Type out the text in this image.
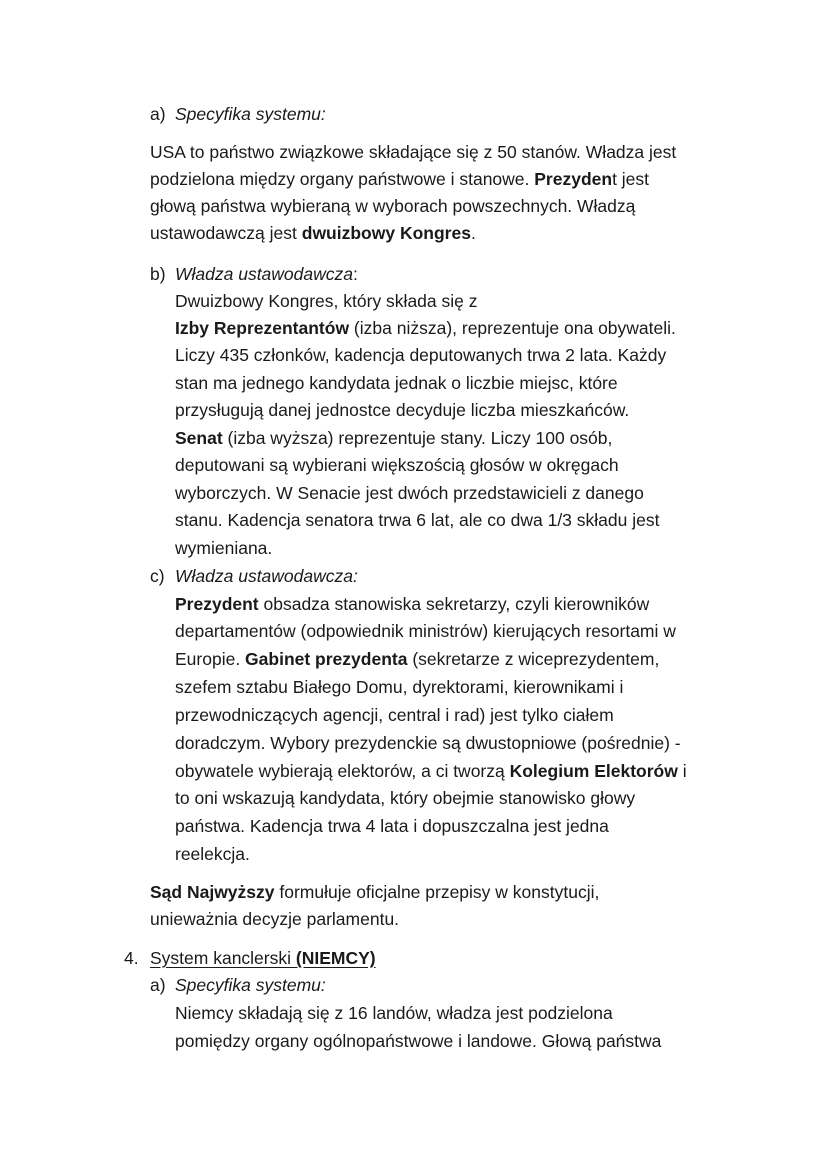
a) Specyfika systemu:
USA to państwo związkowe składające się z 50 stanów. Władza jest
podzielona między organy państwowe i stanowe. Prezydent jest
głową państwa wybieraną w wyborach powszechnych. Władzą
ustawodawczą jest dwuizbowy Kongres.
b) Władza ustawodawcza:
Dwuizbowy Kongres, który składa się z
Izby Reprezentantów (izba niższa), reprezentuje ona obywateli.
Liczy 435 członków, kadencja deputowanych trwa 2 lata. Każdy
stan ma jednego kandydata jednak o liczbie miejsc, które
przysługują danej jednostce decyduje liczba mieszkańców.
Senat (izba wyższa) reprezentuje stany. Liczy 100 osób,
deputowani są wybierani większością głosów w okręgach
wyborczych. W Senacie jest dwóch przedstawicieli z danego
stanu. Kadencja senatora trwa 6 lat, ale co dwa 1/3 składu jest
wymieniana.
c) Władza ustawodawcza:
Prezydent obsadza stanowiska sekretarzy, czyli kierowników
departamentów (odpowiednik ministrów) kierujących resortami w
Europie. Gabinet prezydenta (sekretarze z wiceprezydentem,
szefem sztabu Białego Domu, dyrektorami, kierownikami i
przewodniczących agencji, central i rad) jest tylko ciałem
doradczym. Wybory prezydenckie są dwustopniowe (pośrednie) -
obywatele wybierają elektorów, a ci tworzą Kolegium Elektorów i
to oni wskazują kandydata, który obejmie stanowisko głowy
państwa. Kadencja trwa 4 lata i dopuszczalna jest jedna
reelekcja.
Sąd Najwyższy formułuje oficjalne przepisy w konstytucji,
unieważnia decyzje parlamentu.
4. System kanclerski (NIEMCY)
a) Specyfika systemu:
Niemcy składają się z 16 landów, władza jest podzielona
pomiędzy organy ogólnopaństwowe i landowe. Głową państwa
